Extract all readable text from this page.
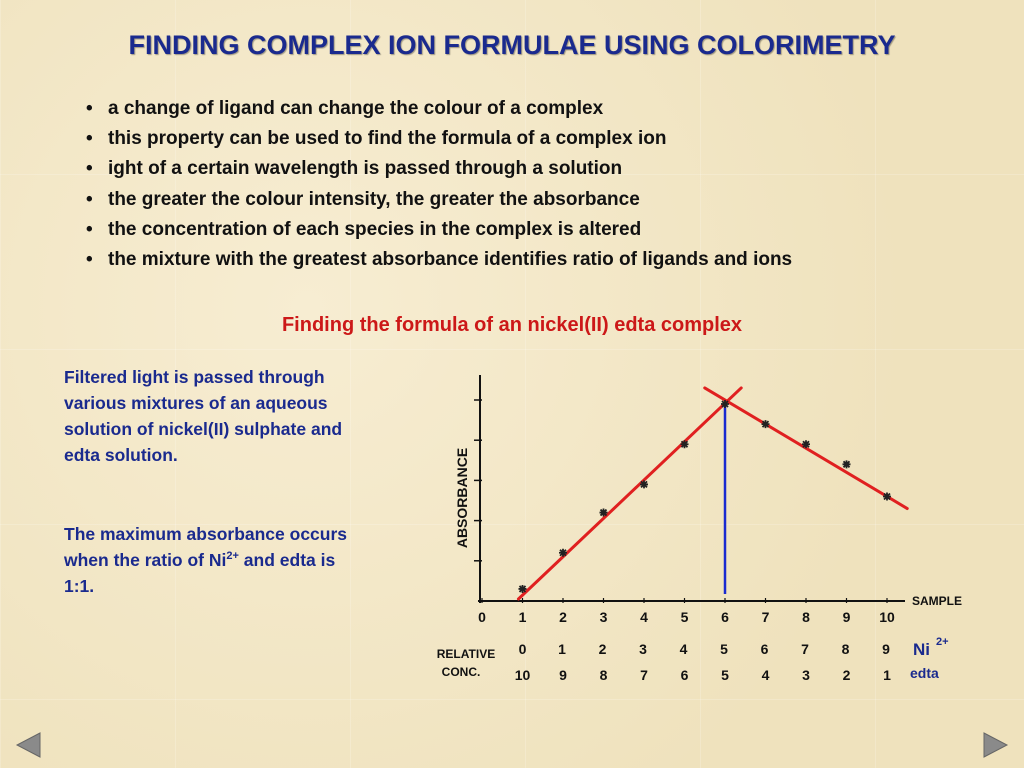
FINDING COMPLEX ION FORMULAE USING COLORIMETRY
• a change of ligand can change the colour of a complex
• this property can be used to find the formula of a complex ion
• ight of a certain wavelength is passed through a solution
• the greater the colour intensity, the greater the absorbance
• the concentration of each species in the complex is altered
• the mixture with the greatest absorbance identifies ratio of ligands and ions
Finding the formula of an nickel(II) edta complex
Filtered light is passed through various mixtures of an aqueous solution of nickel(II) sulphate and edta solution.
The maximum absorbance occurs when the ratio of $Ni^{2+}$ and edta is 1:1.
ABSORBANCE
SAMPLE
0 1 2 3 4 5 6 7 8 9 10
RELATIVE
CONC.
0 1 2 3 4 5 6 7 8 9
10 9 8 7 6 5 4 3 2 1
Ni 2+
edta
